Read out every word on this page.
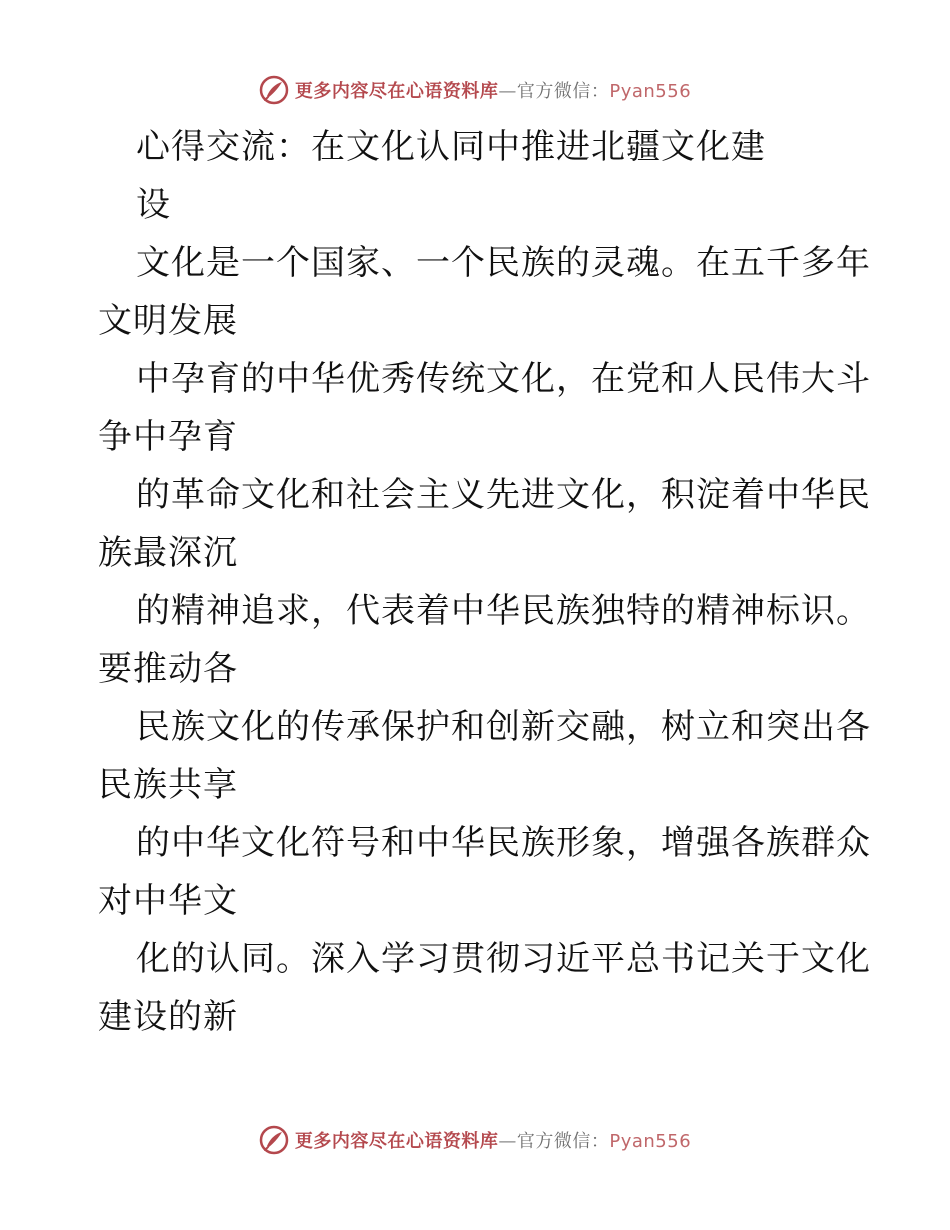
更多内容尽在心语资料库—官方微信：Pyan556
心得交流：在文化认同中推进北疆文化建
设
文化是一个国家、一个民族的灵魂。在五千多年
文明发展
中孕育的中华优秀传统文化，在党和人民伟大斗
争中孕育
的革命文化和社会主义先进文化，积淀着中华民
族最深沉
的精神追求，代表着中华民族独特的精神标识。
要推动各
民族文化的传承保护和创新交融，树立和突出各
民族共享
的中华文化符号和中华民族形象，增强各族群众
对中华文
化的认同。深入学习贯彻习近平总书记关于文化
建设的新
更多内容尽在心语资料库—官方微信：Pyan556
